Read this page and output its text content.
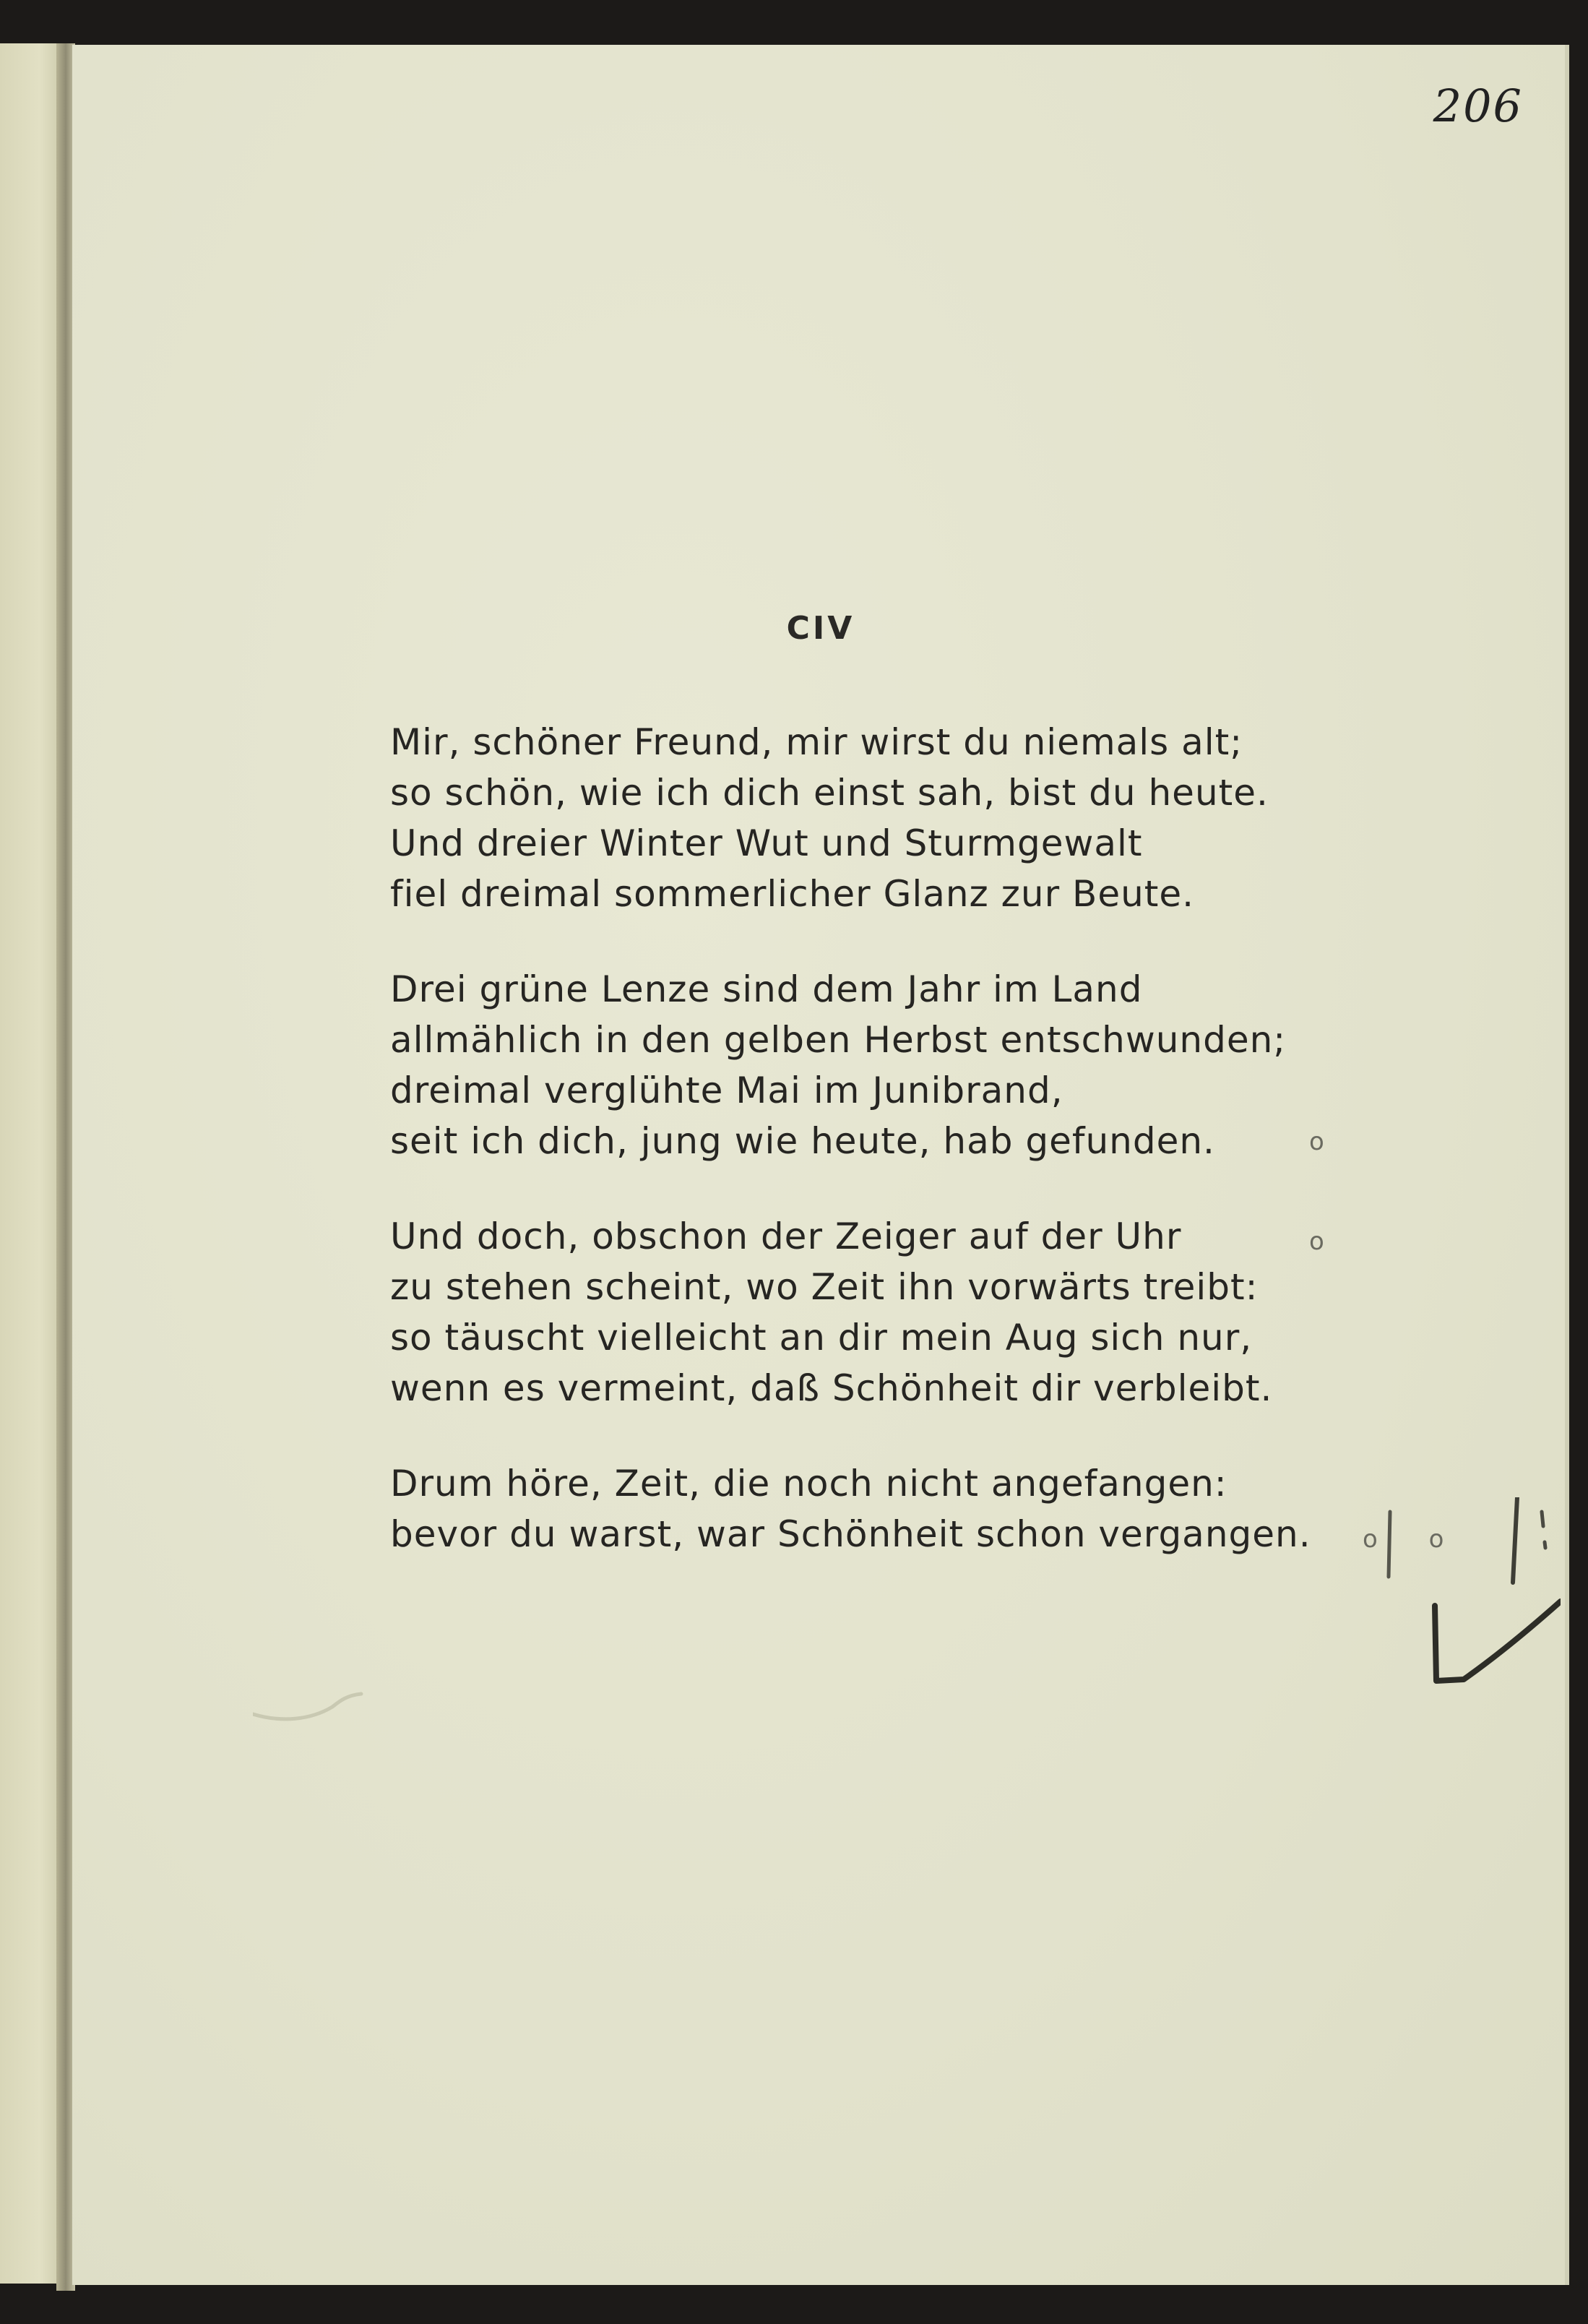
206
CIV
Mir, schöner Freund, mir wirst du niemals alt;
so schön, wie ich dich einst sah, bist du heute.
Und dreier Winter Wut und Sturmgewalt
fiel dreimal sommerlicher Glanz zur Beute.
Drei grüne Lenze sind dem Jahr im Land
allmählich in den gelben Herbst entschwunden;
dreimal verglühte Mai im Junibrand,
seit ich dich, jung wie heute, hab gefunden.
Und doch, obschon der Zeiger auf der Uhr
zu stehen scheint, wo Zeit ihn vorwärts treibt:
so täuscht vielleicht an dir mein Aug sich nur,
wenn es vermeint, daß Schönheit dir verbleibt.
Drum höre, Zeit, die noch nicht angefangen:
bevor du warst, war Schönheit schon vergangen.
o
o
o o
